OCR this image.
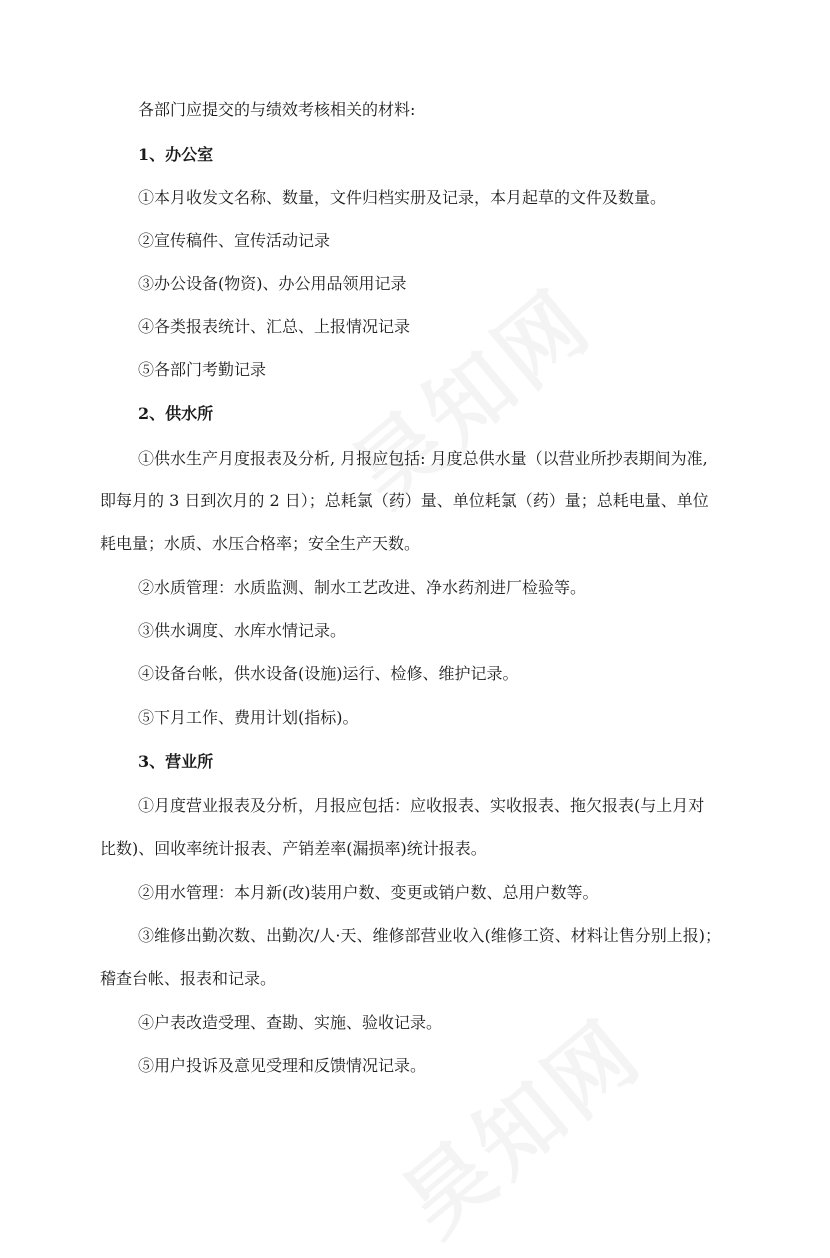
各部门应提交的与绩效考核相关的材料:
1、办公室
①本月收发文名称、数量，文件归档实册及记录，本月起草的文件及数量。
②宣传稿件、宣传活动记录
③办公设备(物资)、办公用品领用记录
④各类报表统计、汇总、上报情况记录
⑤各部门考勤记录
2、供水所
①供水生产月度报表及分析, 月报应包括: 月度总供水量（以营业所抄表期间为准,
即每月的 3 日到次月的 2 日）；总耗氯（药）量、单位耗氯（药）量；总耗电量、单位
耗电量；水质、水压合格率；安全生产天数。
②水质管理：水质监测、制水工艺改进、净水药剂进厂检验等。
③供水调度、水库水情记录。
④设备台帐，供水设备(设施)运行、检修、维护记录。
⑤下月工作、费用计划(指标)。
3、营业所
①月度营业报表及分析，月报应包括：应收报表、实收报表、拖欠报表(与上月对
比数)、回收率统计报表、产销差率(漏损率)统计报表。
②用水管理：本月新(改)装用户数、变更或销户数、总用户数等。
③维修出勤次数、出勤次/人·天、维修部营业收入(维修工资、材料让售分别上报)；
稽查台帐、报表和记录。
④户表改造受理、查勘、实施、验收记录。
⑤用户投诉及意见受理和反馈情况记录。
